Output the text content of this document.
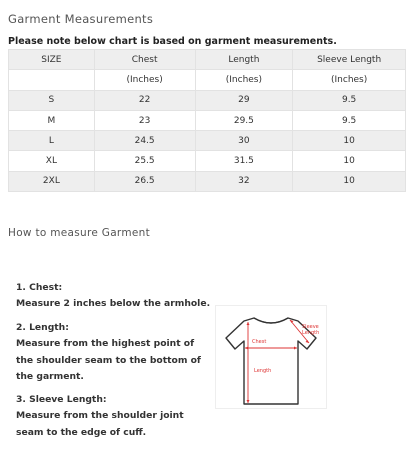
Garment Measurements
Please note below chart is based on garment measurements.
SIZE	Chest	Length	Sleeve Length
	(Inches)	(Inches)	(Inches)
S	22	29	9.5
M	23	29.5	9.5
L	24.5	30	10
XL	25.5	31.5	10
2XL	26.5	32	10
How to measure Garment
1. Chest:
Measure 2 inches below the armhole.
2. Length:
Measure from the highest point of
the shoulder seam to the bottom of
the garment.
3. Sleeve Length:
Measure from the shoulder joint
seam to the edge of cuff.
Chest
Length
Sleeve
Length
